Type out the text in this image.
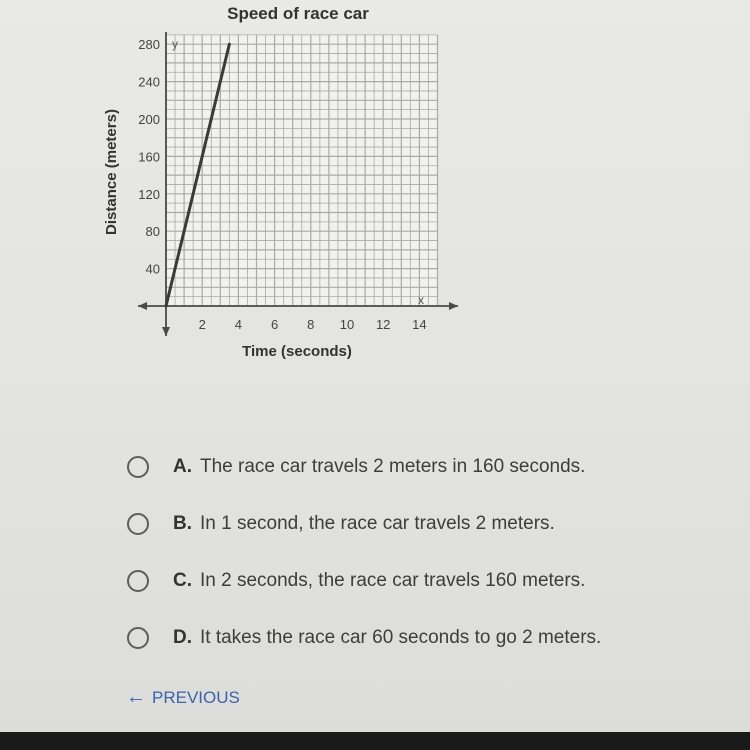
Speed of race car
40
80
120
160
200
240
280
2 4 6 8 10 12 14
y
x
Time (seconds)
Distance (meters)
A. The race car travels 2 meters in 160 seconds.
B. In 1 second, the race car travels 2 meters.
C. In 2 seconds, the race car travels 160 meters.
D. It takes the race car 60 seconds to go 2 meters.
← PREVIOUS
